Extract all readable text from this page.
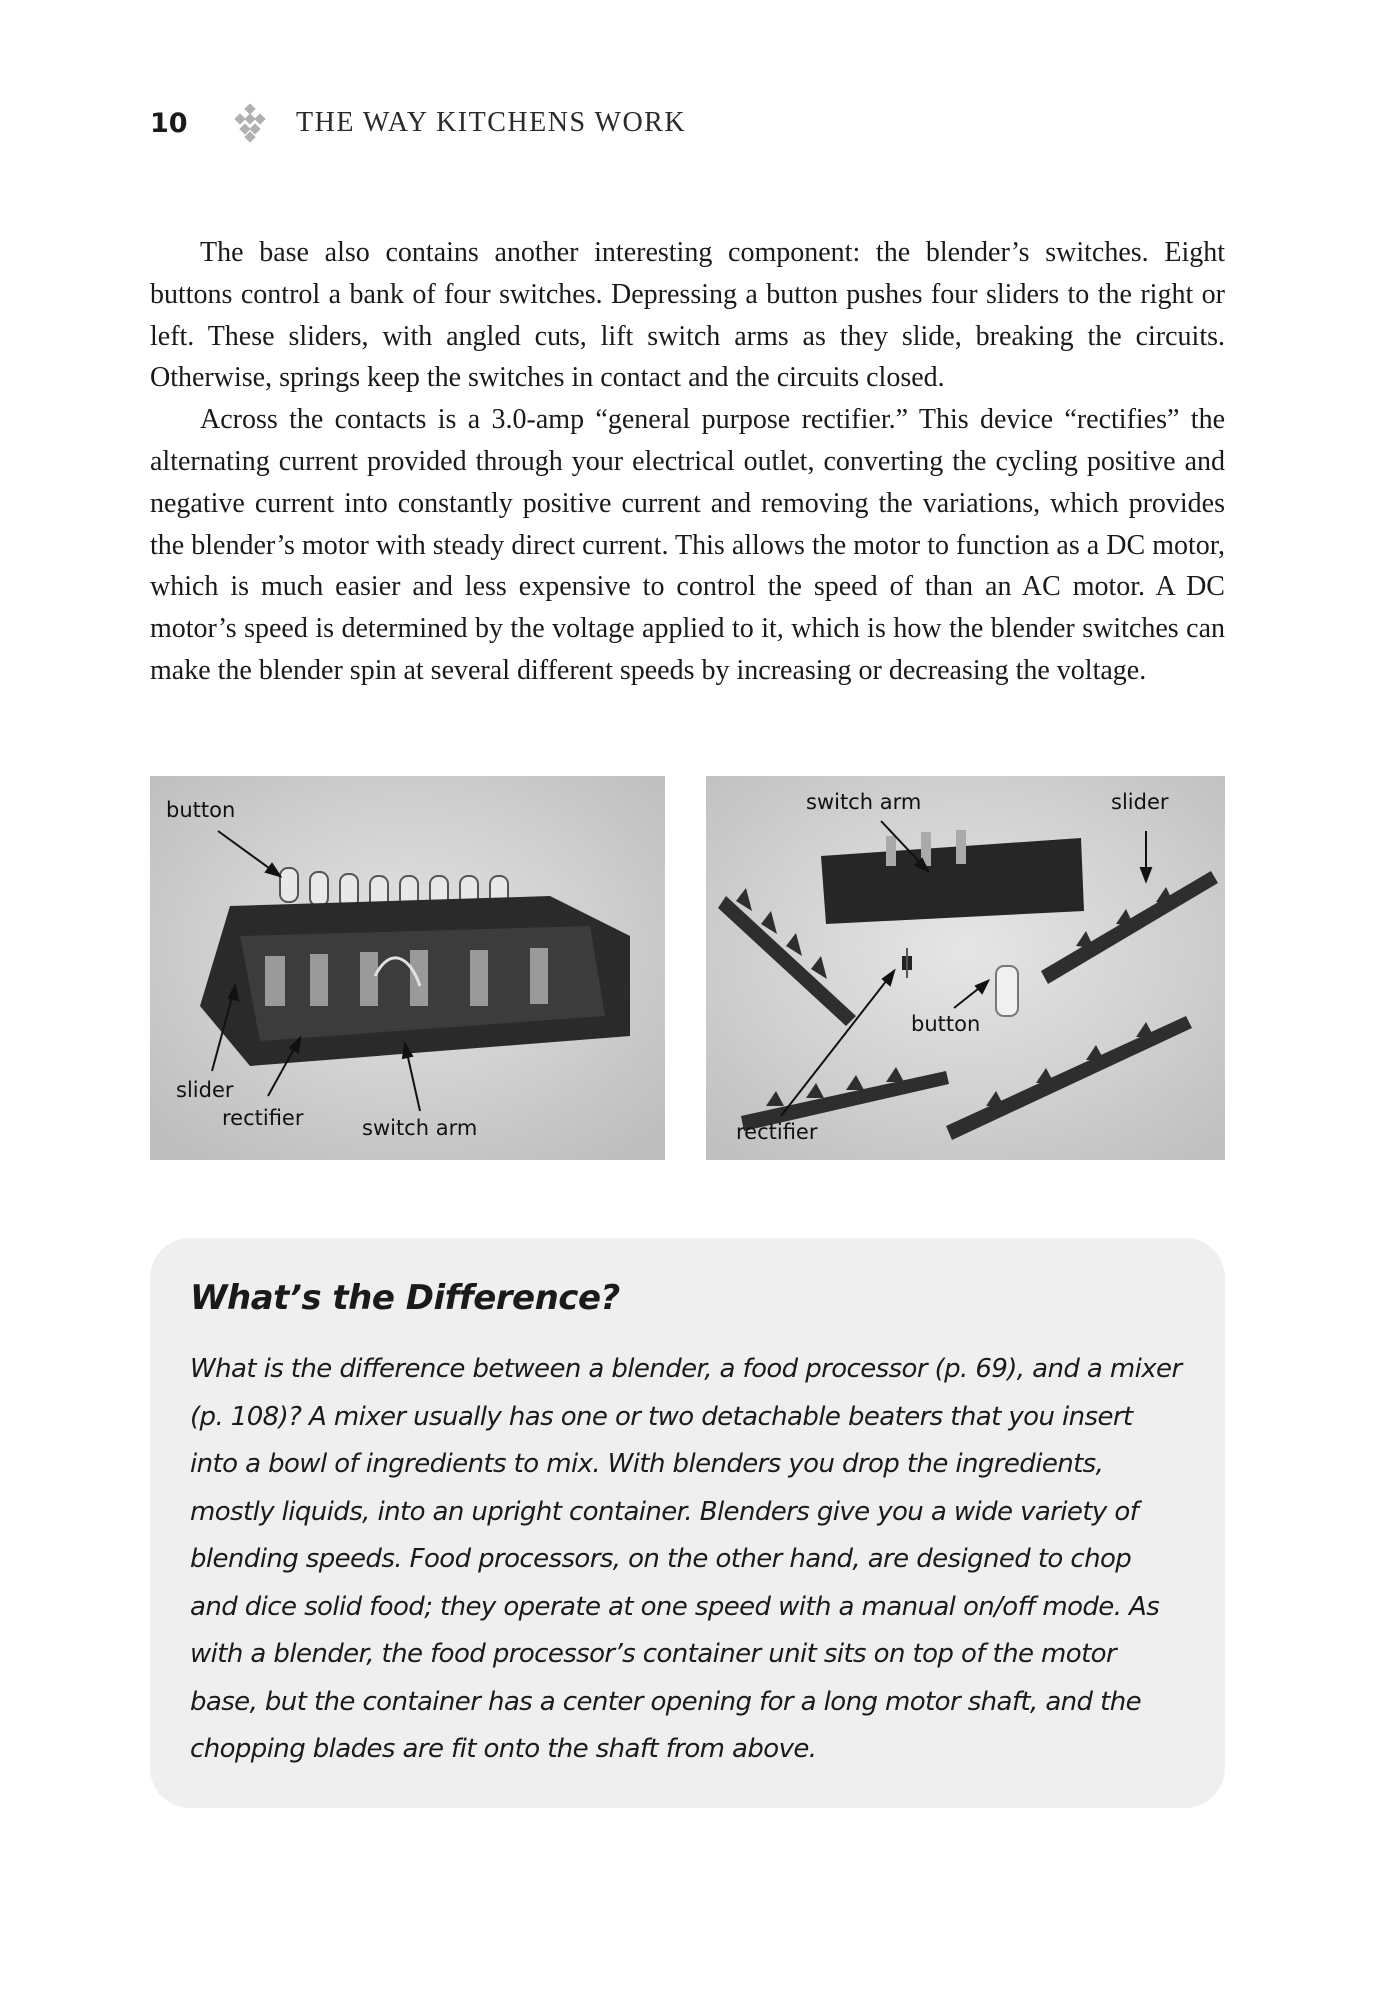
10	THE WAY KITCHENS WORK

The base also contains another interesting component: the blender’s switches. Eight buttons control a bank of four switches. Depressing a button pushes four sliders to the right or left. These sliders, with angled cuts, lift switch arms as they slide, breaking the circuits. Otherwise, springs keep the switches in contact and the circuits closed.

Across the contacts is a 3.0-amp “general purpose rectifier.” This device “rectifies” the alternating current provided through your electrical outlet, converting the cycling positive and negative current into constantly positive current and removing the variations, which provides the blender’s motor with steady direct current. This allows the motor to function as a DC motor, which is much easier and less expensive to control the speed of than an AC motor. A DC motor’s speed is determined by the voltage applied to it, which is how the blender switches can make the blender spin at several different speeds by increasing or decreasing the voltage.

button
slider
rectifier	switch arm
switch arm	slider
button
rectifier
What’s the Difference?

What is the difference between a blender, a food processor (p. 69), and a mixer (p. 108)? A mixer usually has one or two detachable beaters that you insert into a bowl of ingredients to mix. With blenders you drop the ingredients, mostly liquids, into an upright container. Blenders give you a wide variety of blending speeds. Food processors, on the other hand, are designed to chop and dice solid food; they operate at one speed with a manual on/off mode. As with a blender, the food processor’s container unit sits on top of the motor base, but the container has a center opening for a long motor shaft, and the chopping blades are fit onto the shaft from above.
